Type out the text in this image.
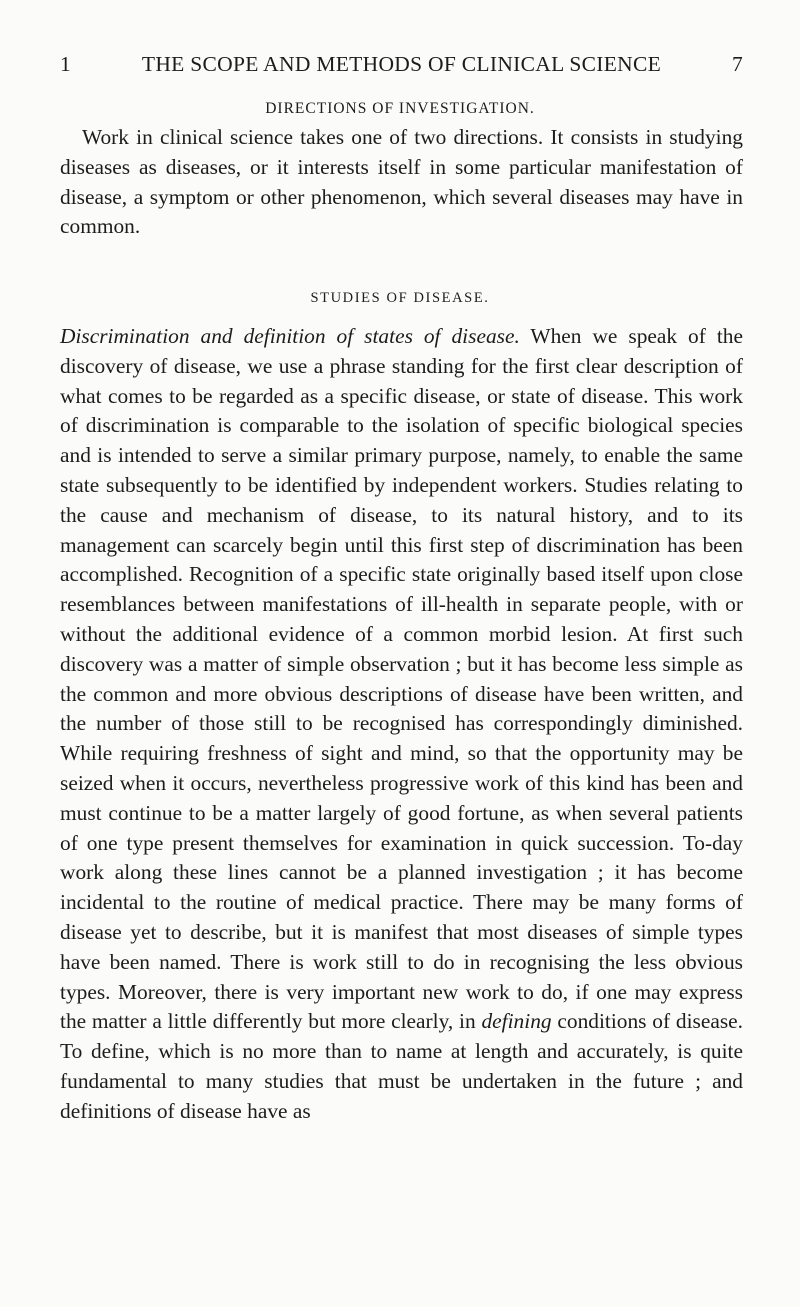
1	THE SCOPE AND METHODS OF CLINICAL SCIENCE	7
DIRECTIONS OF INVESTIGATION.

Work in clinical science takes one of two directions. It consists in studying diseases as diseases, or it interests itself in some particular manifestation of disease, a symptom or other phenomenon, which several diseases may have in common.

STUDIES OF DISEASE.

Discrimination and definition of states of disease. When we speak of the discovery of disease, we use a phrase standing for the first clear description of what comes to be regarded as a specific disease, or state of disease. This work of discrimination is comparable to the isolation of specific biological species and is intended to serve a similar primary purpose, namely, to enable the same state subsequently to be identified by independent workers. Studies relating to the cause and mechanism of disease, to its natural history, and to its management can scarcely begin until this first step of discrimination has been accomplished. Recognition of a specific state originally based itself upon close resemblances between manifestations of ill-health in separate people, with or without the additional evidence of a common morbid lesion. At first such discovery was a matter of simple observation ; but it has become less simple as the common and more obvious descriptions of disease have been written, and the number of those still to be recognised has correspondingly diminished. While requiring freshness of sight and mind, so that the opportunity may be seized when it occurs, nevertheless progressive work of this kind has been and must continue to be a matter largely of good fortune, as when several patients of one type present themselves for examination in quick succession. To-day work along these lines cannot be a planned investigation ; it has become incidental to the routine of medical practice. There may be many forms of disease yet to describe, but it is manifest that most diseases of simple types have been named. There is work still to do in recognising the less obvious types. Moreover, there is very important new work to do, if one may express the matter a little differently but more clearly, in defining conditions of disease. To define, which is no more than to name at length and accurately, is quite fundamental to many studies that must be undertaken in the future ; and definitions of disease have as
